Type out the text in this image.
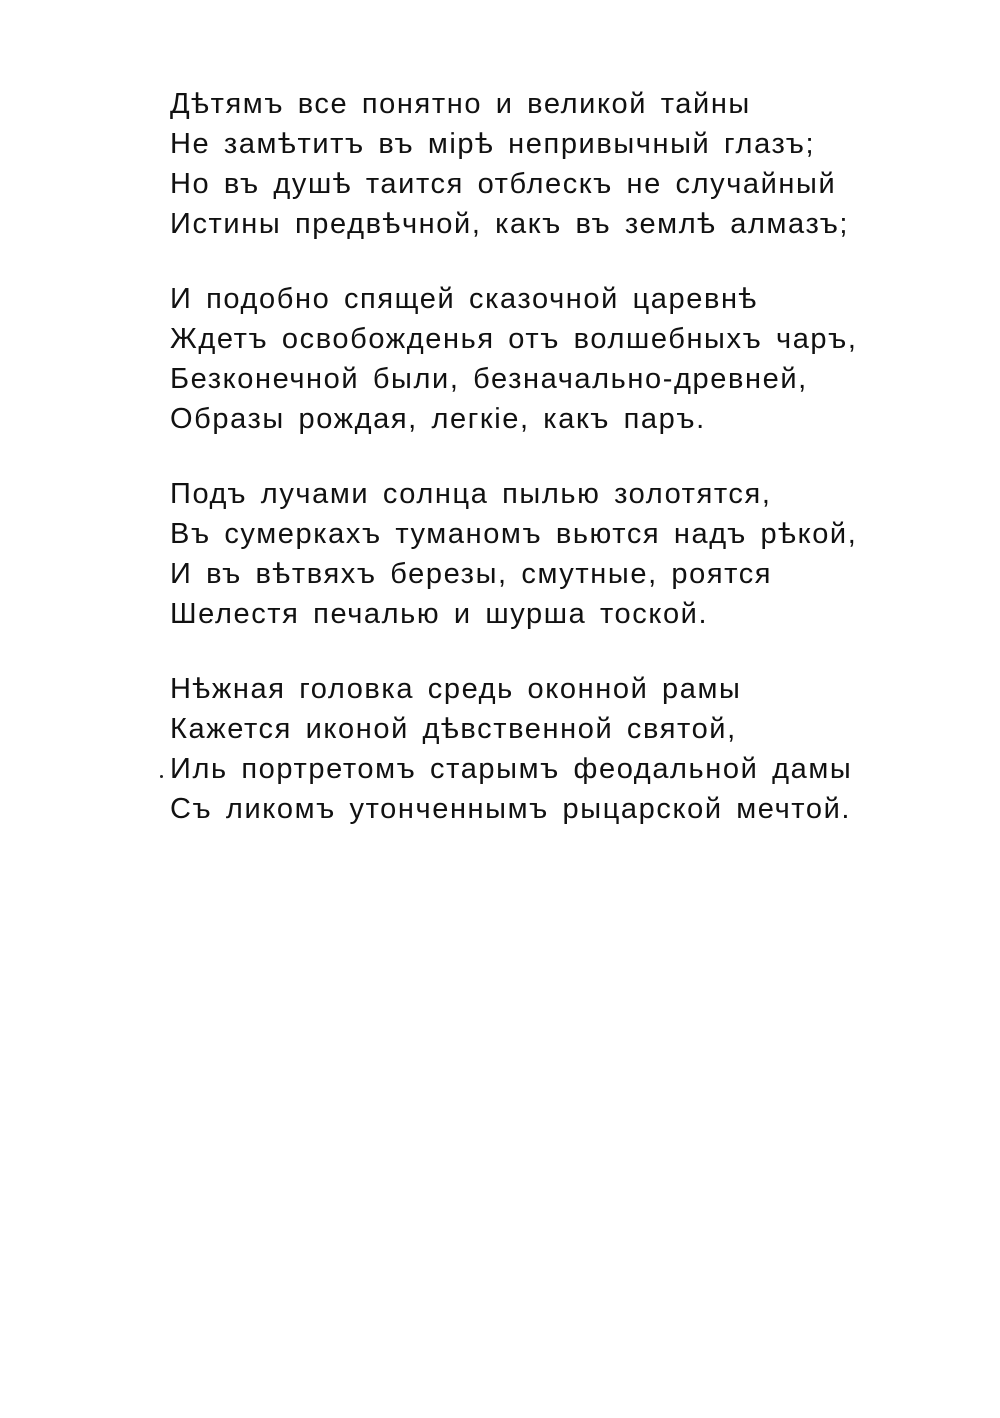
Дѣтямъ все понятно и великой тайны
Не замѣтитъ въ мірѣ непривычный глазъ;
Но въ душѣ таится отблескъ не случайный
Истины предвѣчной, какъ въ землѣ алмазъ;
И подобно спящей сказочной царевнѣ
Ждетъ освобожденья отъ волшебныхъ чаръ,
Безконечной были, безначально-древней,
Образы рождая, легкіе, какъ паръ.
Подъ лучами солнца пылью золотятся,
Въ сумеркахъ туманомъ вьются надъ рѣкой,
И въ вѣтвяхъ березы, смутные, роятся
Шелестя печалью и шурша тоской.
Нѣжная головка средь оконной рамы
Кажется иконой дѣвственной святой,
Иль портретомъ старымъ феодальной дамы
Съ ликомъ утонченнымъ рыцарской мечтой.
